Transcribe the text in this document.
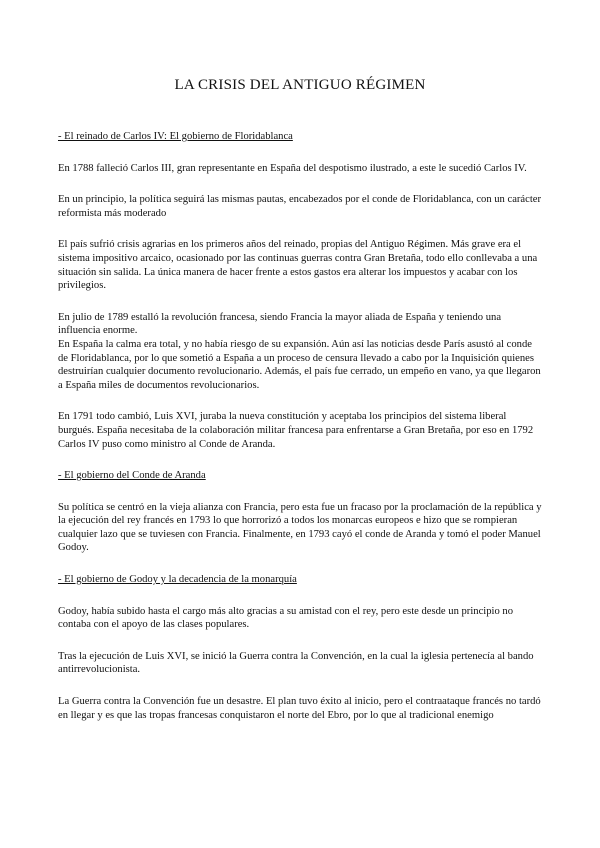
LA CRISIS DEL ANTIGUO RÉGIMEN

- El reinado de Carlos IV: El gobierno de Floridablanca

En 1788 falleció Carlos III, gran representante en España del despotismo ilustrado, a este le sucedió Carlos IV.

En un principio, la política seguirá las mismas pautas, encabezados por el conde de Floridablanca, con un carácter reformista más moderado

El país sufrió crisis agrarias en los primeros años del reinado, propias del Antiguo Régimen. Más grave era el sistema impositivo arcaico, ocasionado por las continuas guerras contra Gran Bretaña, todo ello conllevaba a una situación sin salida. La única manera de hacer frente a estos gastos era alterar los impuestos y acabar con los privilegios.

En julio de 1789 estalló la revolución francesa, siendo Francia la mayor aliada de España y teniendo una influencia enorme.

En España la calma era total, y no había riesgo de su expansión. Aún así las noticias desde París asustó al conde de Floridablanca, por lo que sometió a España a un proceso de censura llevado a cabo por la Inquisición quienes destruirían cualquier documento revolucionario. Además, el país fue cerrado, un empeño en vano, ya que llegaron a España miles de documentos revolucionarios.

En 1791 todo cambió, Luis XVI, juraba la nueva constitución y aceptaba los principios del sistema liberal burgués. España necesitaba de la colaboración militar francesa para enfrentarse a Gran Bretaña, por eso en 1792 Carlos IV puso como ministro al Conde de Aranda.

- El gobierno del Conde de Aranda

Su política se centró en la vieja alianza con Francia, pero esta fue un fracaso por la proclamación de la república y la ejecución del rey francés en 1793 lo que horrorizó a todos los monarcas europeos e hizo que se rompieran cualquier lazo que se tuviesen con Francia. Finalmente, en 1793 cayó el conde de Aranda y tomó el poder Manuel Godoy.

- El gobierno de Godoy y la decadencia de la monarquía

Godoy, había subido hasta el cargo más alto gracias a su amistad con el rey, pero este desde un principio no contaba con el apoyo de las clases populares.

Tras la ejecución de Luis XVI, se inició la Guerra contra la Convención, en la cual la iglesia pertenecía al bando antirrevolucionista.

La Guerra contra la Convención fue un desastre. El plan tuvo éxito al inicio, pero el contraataque francés no tardó en llegar y es que las tropas francesas conquistaron el norte del Ebro, por lo que al tradicional enemigo
